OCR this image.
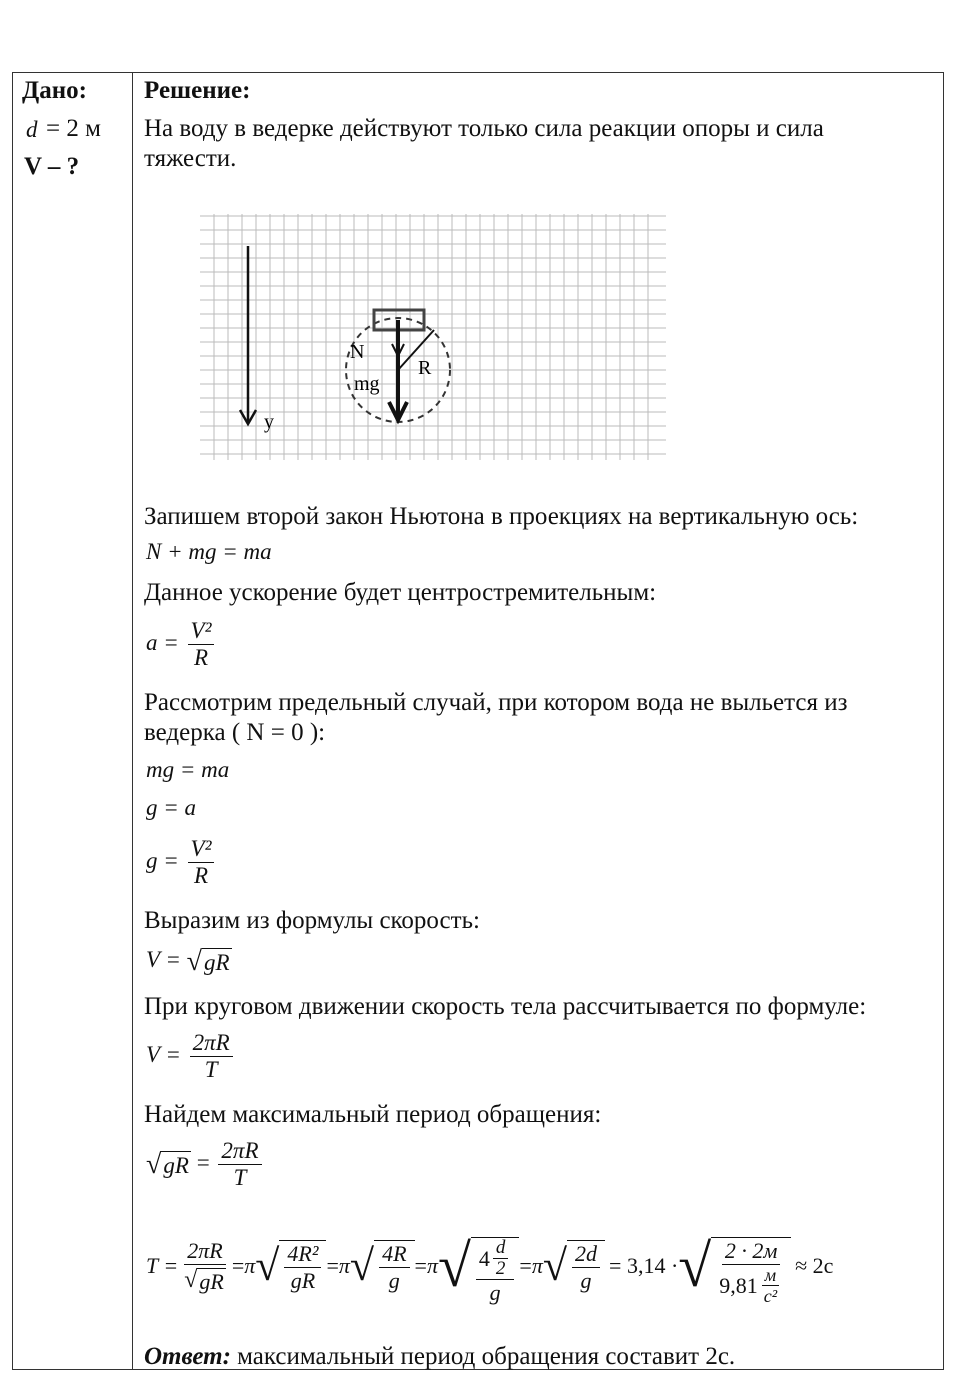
Дано:
d = 2 м
V – ?
Решение:
На воду в ведерке действуют только сила реакции опоры и сила
тяжести.
N
mg
R
y
Запишем второй закон Ньютона в проекциях на вертикальную ось:
N + mg = ma
Данное ускорение будет центростремительным:
$a = \frac{\text{V²}}{R}$
Рассмотрим предельный случай, при котором вода не выльется из
ведерка ( N = 0 ):
mg = ma
g = a
$g = \frac{\text{V²}}{R}$
Выразим из формулы скорость:
V = √ gR
При круговом движении скорость тела рассчитывается по формуле:
$V = \frac{2\pi R}{T}$
Найдем максимальный период обращения:
√ gR = $\frac{2\pi R}{T}$
$T = \frac{2\pi R}{√ gR} = \pi$ √ $\frac{\text{4R²}}{gR} = \pi$ √ $\frac{4R}{g} = \pi$ √ $\frac{4 \frac{d}{2}}{g} = \pi$ √ $\frac{2d}{g} = 3,14$ · √ $\frac{2 \cdot 2м}{9,81 \frac{м}{\text{с²}}} \approx 2с$
Ответ: максимальный период обращения составит 2с.
